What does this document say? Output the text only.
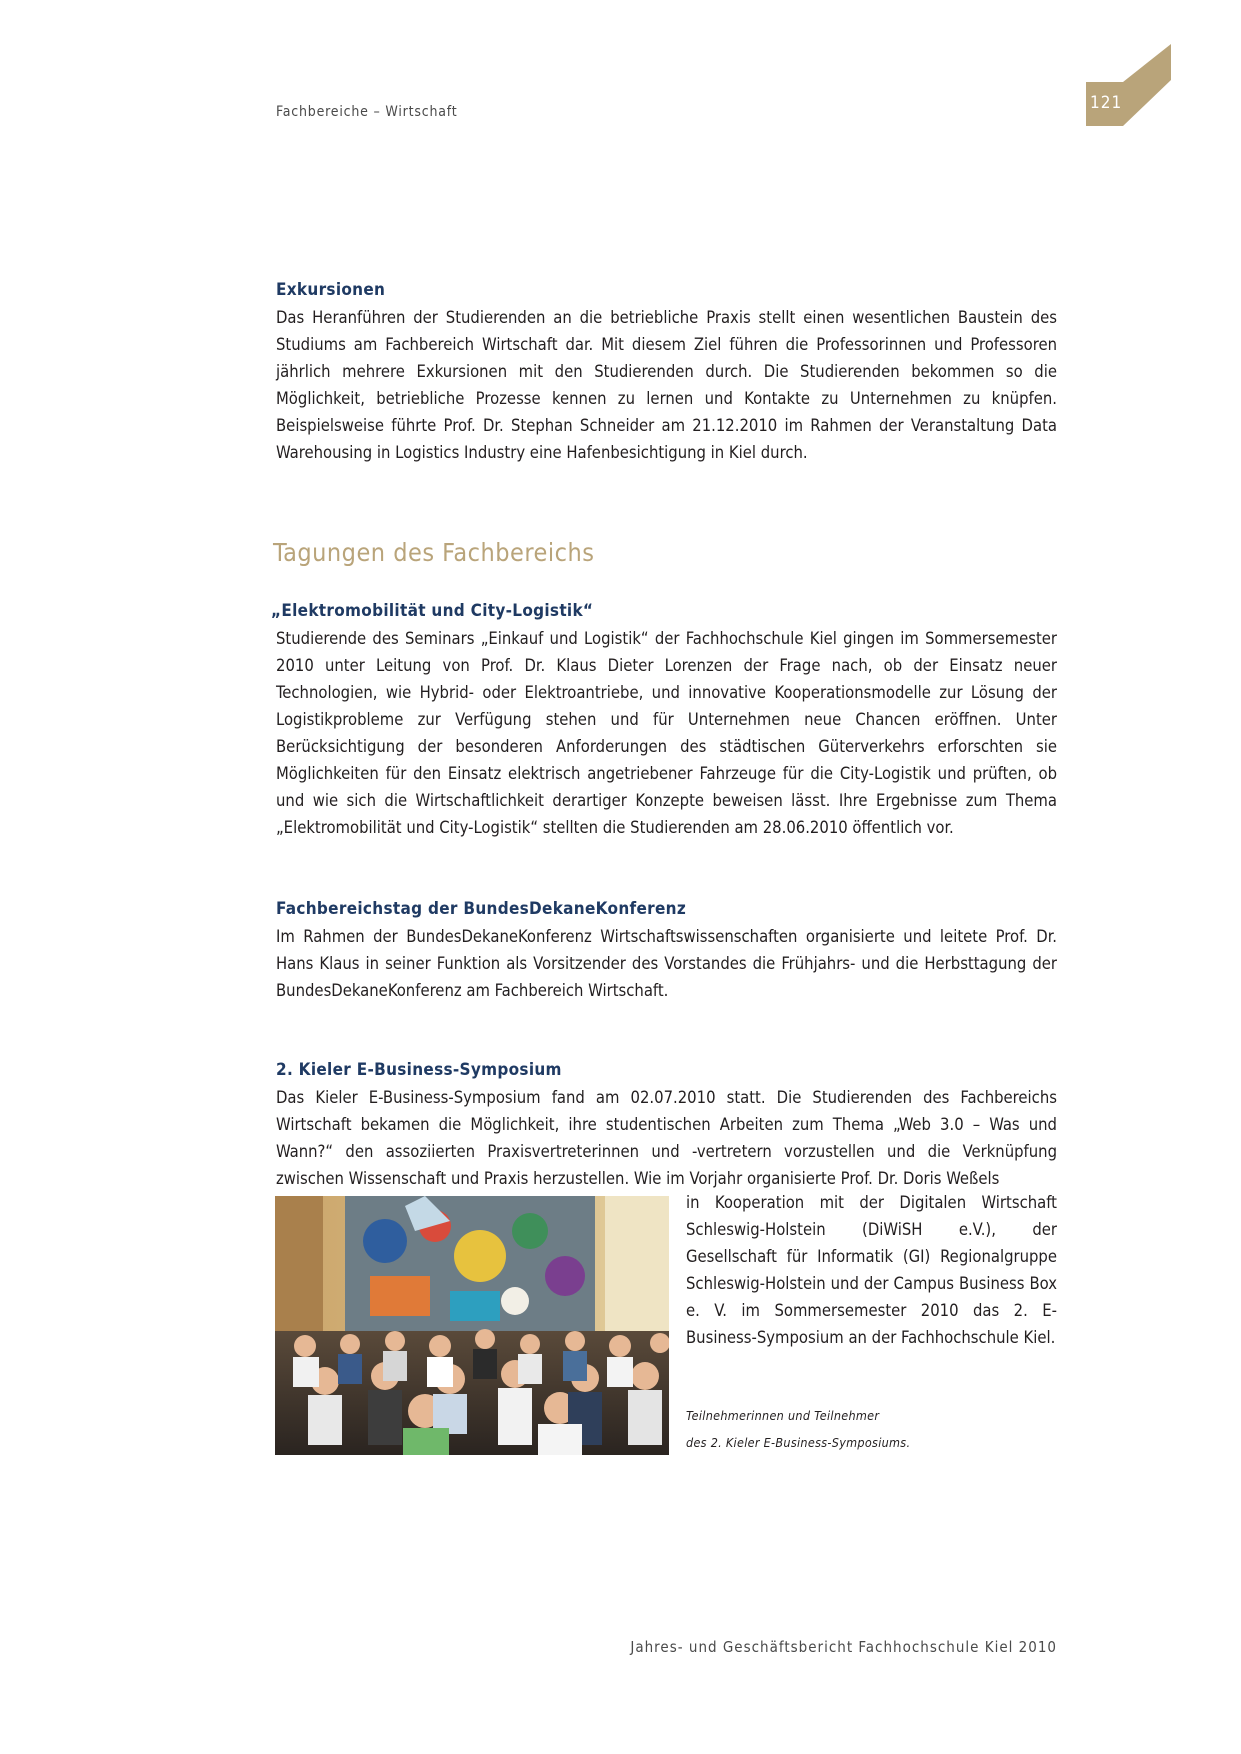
Fachbereiche – Wirtschaft	121
Exkursionen

Das Heranführen der Studierenden an die betriebliche Praxis stellt einen wesentlichen Baustein des Studiums am Fachbereich Wirtschaft dar. Mit diesem Ziel führen die Professorinnen und Professoren jährlich mehrere Exkursionen mit den Studierenden durch. Die Studierenden bekommen so die Möglichkeit, betriebliche Prozesse kennen zu lernen und Kontakte zu Unternehmen zu knüpfen. Beispielsweise führte Prof. Dr. Stephan Schneider am 21.12.2010 im Rahmen der Veranstaltung Data Warehousing in Logistics Industry eine Hafenbesichtigung in Kiel durch.

Tagungen des Fachbereichs
„Elektromobilität und City-Logistik“

Studierende des Seminars „Einkauf und Logistik“ der Fachhochschule Kiel gingen im Sommersemester 2010 unter Leitung von Prof. Dr. Klaus Dieter Lorenzen der Frage nach, ob der Einsatz neuer Technologien, wie Hybrid- oder Elektroantriebe, und innovative Kooperationsmodelle zur Lösung der Logistikprobleme zur Verfügung stehen und für Unternehmen neue Chancen eröffnen. Unter Berücksichtigung der besonderen Anforderungen des städtischen Güterverkehrs erforschten sie Möglichkeiten für den Einsatz elektrisch angetriebener Fahrzeuge für die City-Logistik und prüften, ob und wie sich die Wirtschaftlichkeit derartiger Konzepte beweisen lässt. Ihre Ergebnisse zum Thema „Elektromobilität und City-Logistik“ stellten die Studierenden am 28.06.2010 öffentlich vor.

Fachbereichstag der BundesDekaneKonferenz

Im Rahmen der BundesDekaneKonferenz Wirtschaftswissenschaften organisierte und leitete Prof. Dr. Hans Klaus in seiner Funktion als Vorsitzender des Vorstandes die Frühjahrs- und die Herbsttagung der BundesDekaneKonferenz am Fachbereich Wirtschaft.

2. Kieler E-Business-Symposium

Das Kieler E-Business-Symposium fand am 02.07.2010 statt. Die Studierenden des Fachbereichs Wirtschaft bekamen die Möglichkeit, ihre studentischen Arbeiten zum Thema „Web 3.0 – Was und Wann?“ den assoziierten Praxisvertreterinnen und -vertretern vorzustellen und die Verknüpfung zwischen Wissenschaft und Praxis herzustellen. Wie im Vorjahr organisierte Prof. Dr. Doris Weßels

in Kooperation mit der Digitalen Wirtschaft Schleswig-Holstein (DiWiSH e.V.), der Gesellschaft für Informatik (GI) Regionalgruppe Schleswig-Holstein und der Campus Business Box e. V. im Sommersemester 2010 das 2. E-Business-Symposium an der Fachhochschule Kiel.

Teilnehmerinnen und Teilnehmer
des 2. Kieler E-Business-Symposiums.
Jahres- und Geschäftsbericht Fachhochschule Kiel 2010
